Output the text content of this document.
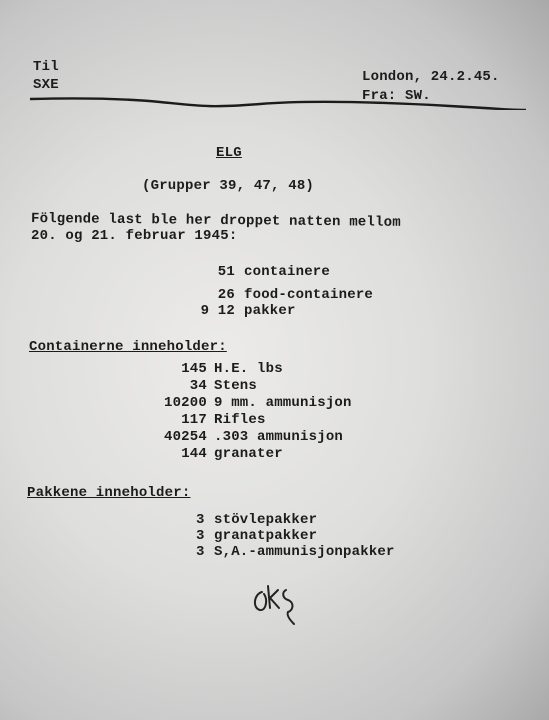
Til
SXE	London, 24.2.45.
Fra: SW.
ELG
(Grupper 39, 47, 48)
Fölgende last ble her droppet natten mellom
20. og 21. februar 1945:
51 containere
26 food-containere
9 12 pakker
Containerne inneholder:
145 H.E. lbs
34 Stens
10200 9 mm. ammunisjon
117 Rifles
40254 .303 ammunisjon
144 granater
Pakkene inneholder:
3 stövlepakker
3 granatpakker
3 S,A.-ammunisjonpakker
